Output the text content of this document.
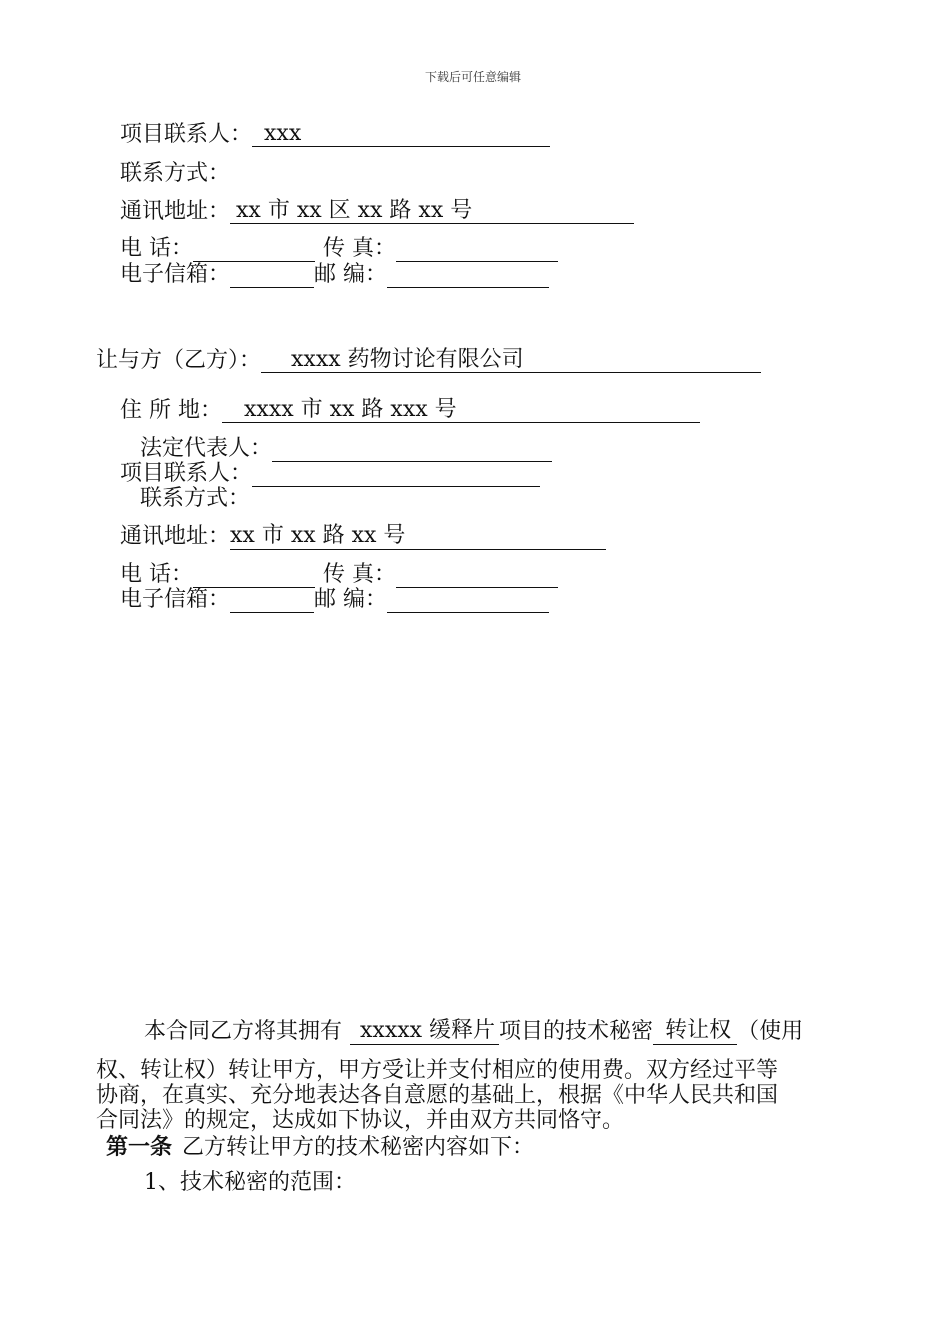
下载后可任意编辑
项目联系人： xxx
联系方式：
通讯地址： xx 市 xx 区 xx 路 xx 号
电 话：	传 真：
电子信箱：	邮 编：
让与方（乙方）： xxxx 药物讨论有限公司
住 所 地： xxxx 市 xx 路 xxx 号
法定代表人：
项目联系人：
联系方式：
通讯地址：xx 市 xx 路 xx 号
电 话：	传 真：
电子信箱：	邮 编：
本合同乙方将其拥有 xxxxx 缓释片 项目的技术秘密 转让权 （使用
权、转让权）转让甲方，甲方受让并支付相应的使用费。双方经过平等
协商，在真实、充分地表达各自意愿的基础上，根据《中华人民共和国
合同法》的规定，达成如下协议，并由双方共同恪守。
第一条 乙方转让甲方的技术秘密内容如下：
1、技术秘密的范围：
